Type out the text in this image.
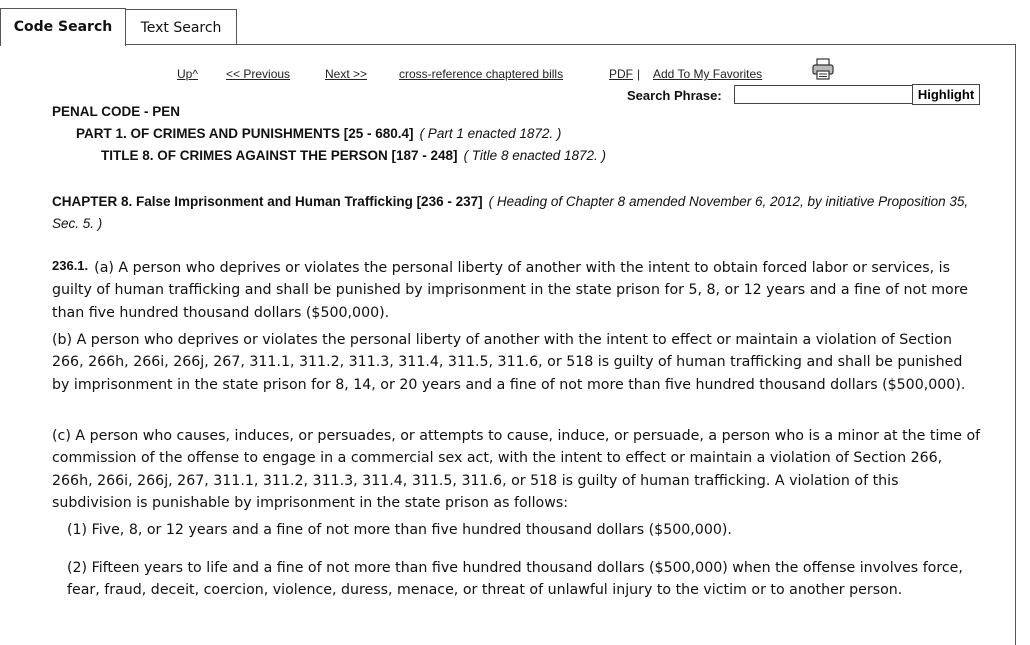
Code Search	Text Search
Up^ << Previous	Next >>	cross-reference chaptered bills	PDF | Add To My Favorites
Search Phrase:	Highlight
PENAL CODE - PEN
PART 1. OF CRIMES AND PUNISHMENTS [25 - 680.4] ( Part 1 enacted 1872. )
TITLE 8. OF CRIMES AGAINST THE PERSON [187 - 248] ( Title 8 enacted 1872. )
CHAPTER 8. False Imprisonment and Human Trafficking [236 - 237] ( Heading of Chapter 8 amended November 6, 2012, by initiative Proposition 35, Sec. 5. )
236.1. (a) A person who deprives or violates the personal liberty of another with the intent to obtain forced labor or services, is guilty of human trafficking and shall be punished by imprisonment in the state prison for 5, 8, or 12 years and a fine of not more than five hundred thousand dollars ($500,000).
(b) A person who deprives or violates the personal liberty of another with the intent to effect or maintain a violation of Section 266, 266h, 266i, 266j, 267, 311.1, 311.2, 311.3, 311.4, 311.5, 311.6, or 518 is guilty of human trafficking and shall be punished by imprisonment in the state prison for 8, 14, or 20 years and a fine of not more than five hundred thousand dollars ($500,000).
(c) A person who causes, induces, or persuades, or attempts to cause, induce, or persuade, a person who is a minor at the time of commission of the offense to engage in a commercial sex act, with the intent to effect or maintain a violation of Section 266, 266h, 266i, 266j, 267, 311.1, 311.2, 311.3, 311.4, 311.5, 311.6, or 518 is guilty of human trafficking. A violation of this subdivision is punishable by imprisonment in the state prison as follows:
(1) Five, 8, or 12 years and a fine of not more than five hundred thousand dollars ($500,000).
(2) Fifteen years to life and a fine of not more than five hundred thousand dollars ($500,000) when the offense involves force, fear, fraud, deceit, coercion, violence, duress, menace, or threat of unlawful injury to the victim or to another person.
